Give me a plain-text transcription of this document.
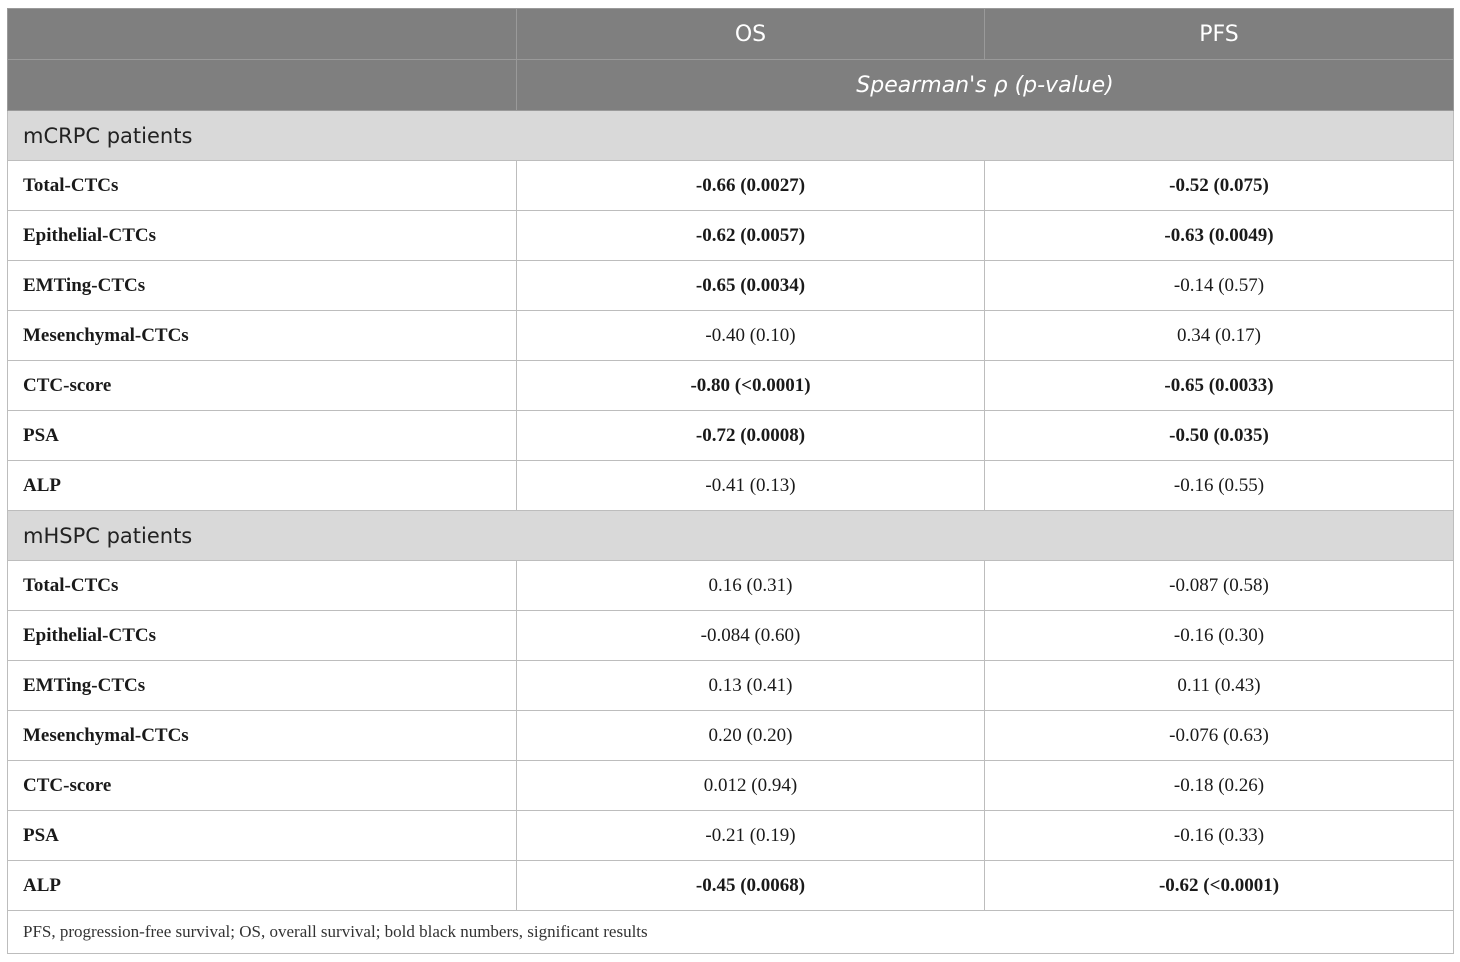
	OS	PFS
	Spearman's ρ (p-value)	
mCRPC patients		
Total-CTCs	-0.66 (0.0027)	-0.52 (0.075)
Epithelial-CTCs	-0.62 (0.0057)	-0.63 (0.0049)
EMTing-CTCs	-0.65 (0.0034)	-0.14 (0.57)
Mesenchymal-CTCs	-0.40 (0.10)	0.34 (0.17)
CTC-score	-0.80 (<0.0001)	-0.65 (0.0033)
PSA	-0.72 (0.0008)	-0.50 (0.035)
ALP	-0.41 (0.13)	-0.16 (0.55)
mHSPC patients		
Total-CTCs	0.16 (0.31)	-0.087 (0.58)
Epithelial-CTCs	-0.084 (0.60)	-0.16 (0.30)
EMTing-CTCs	0.13 (0.41)	0.11 (0.43)
Mesenchymal-CTCs	0.20 (0.20)	-0.076 (0.63)
CTC-score	0.012 (0.94)	-0.18 (0.26)
PSA	-0.21 (0.19)	-0.16 (0.33)
ALP	-0.45 (0.0068)	-0.62 (<0.0001)
PFS, progression-free survival; OS, overall survival; bold black numbers, significant results		
